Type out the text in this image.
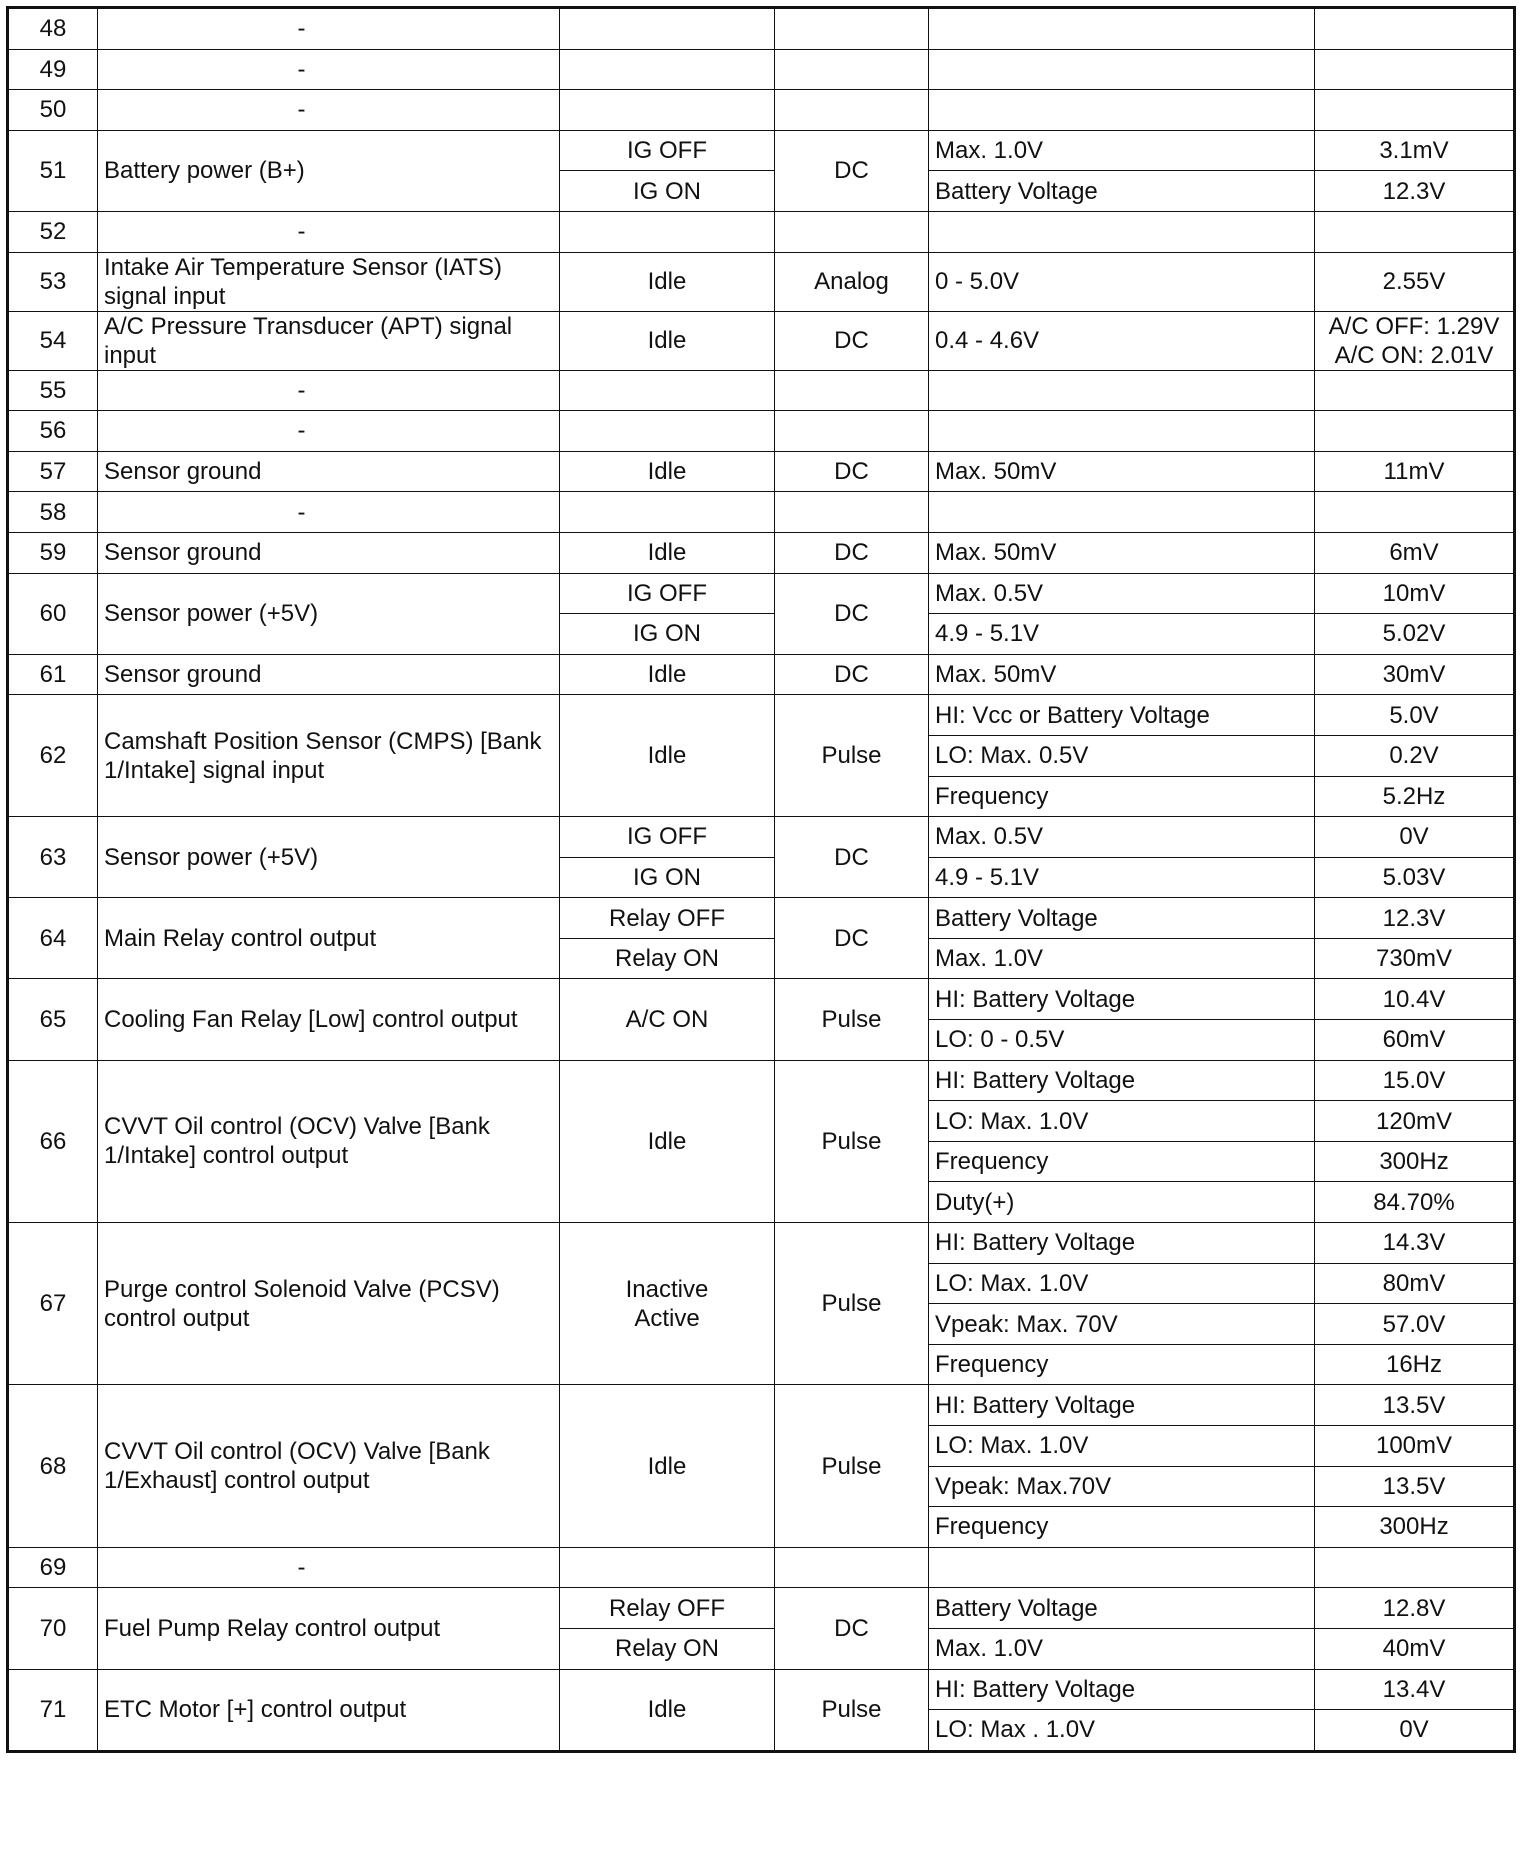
48	-				
49	-				
50	-				
51	Battery power (B+)	IG OFF	DC	Max. 1.0V	3.1mV
		IG ON		Battery Voltage	12.3V
52	-				
53	Intake Air Temperature Sensor (IATS) signal input	Idle	Analog	0 - 5.0V	2.55V
54	A/C Pressure Transducer (APT) signal input	Idle	DC	0.4 - 4.6V	A/C OFF: 1.29V
A/C ON: 2.01V

55	-				
56	-				
57	Sensor ground	Idle	DC	Max. 50mV	11mV
58	-				
59	Sensor ground	Idle	DC	Max. 50mV	6mV
60	Sensor power (+5V)	IG OFF	DC	Max. 0.5V	10mV
		IG ON		4.9 - 5.1V	5.02V
61	Sensor ground	Idle	DC	Max. 50mV	30mV
62	Camshaft Position Sensor (CMPS) [Bank 1/Intake] signal input	Idle	Pulse	HI: Vcc or Battery Voltage	5.0V
				LO: Max. 0.5V	0.2V
				Frequency	5.2Hz
63	Sensor power (+5V)	IG OFF	DC	Max. 0.5V	0V
		IG ON		4.9 - 5.1V	5.03V
64	Main Relay control output	Relay OFF	DC	Battery Voltage	12.3V
		Relay ON		Max. 1.0V	730mV
65	Cooling Fan Relay [Low] control output	A/C ON	Pulse	HI: Battery Voltage	10.4V
				LO: 0 - 0.5V	60mV
66	CVVT Oil control (OCV) Valve [Bank 1/Intake] control output	Idle	Pulse	HI: Battery Voltage	15.0V
				LO: Max. 1.0V	120mV
				Frequency	300Hz
				Duty(+)	84.70%
67	Purge control Solenoid Valve (PCSV) control output	Inactive
Active	Pulse	HI: Battery Voltage	14.3V
				LO: Max. 1.0V	80mV
				Vpeak: Max. 70V	57.0V
				Frequency	16Hz
68	CVVT Oil control (OCV) Valve [Bank 1/Exhaust] control output	Idle	Pulse	HI: Battery Voltage	13.5V
				LO: Max. 1.0V	100mV
				Vpeak: Max.70V	13.5V
				Frequency	300Hz
69	-				
70	Fuel Pump Relay control output	Relay OFF	DC	Battery Voltage	12.8V
		Relay ON		Max. 1.0V	40mV
71	ETC Motor [+] control output	Idle	Pulse	HI: Battery Voltage	13.4V
				LO: Max . 1.0V	0V
